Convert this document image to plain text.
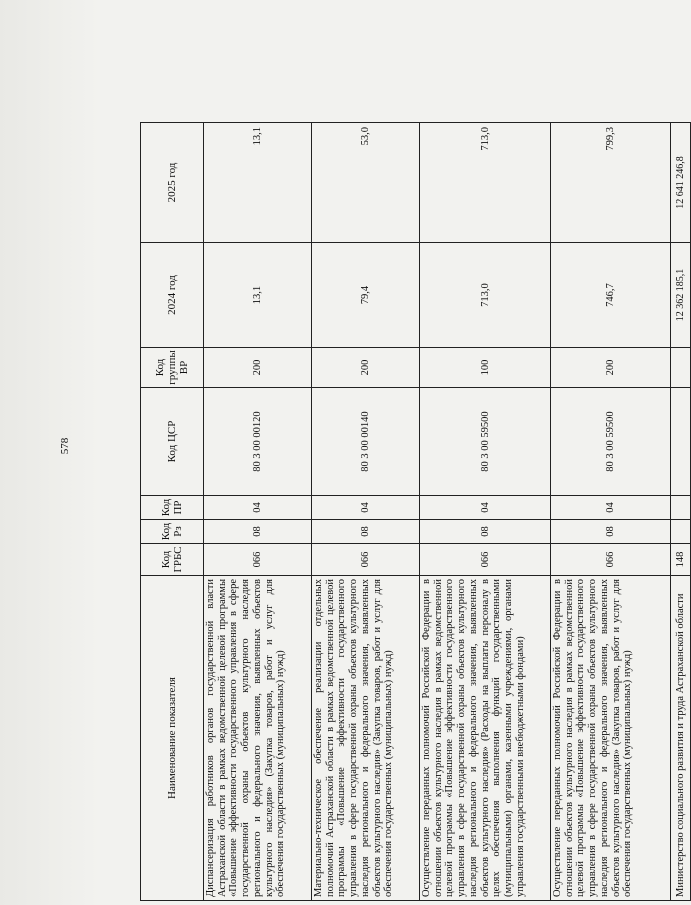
578
Наименование показателя	Код ГРБС	Код Рз	Код ПР	Код ЦСР	Код группы ВР	2024 год	2025 год
Диспансеризация работников органов государственной власти Астраханской области в рамках ведомственной целевой программы «Повышение эффективности государственного управления в сфере государственной охраны объектов культурного наследия регионального и федерального значения, выявленных объектов культурного наследия» (Закупка товаров, работ и услуг для обеспечения государственных (муниципальных) нужд)	066	08	04	80 3 00 00120	200	13,1	13,1
Материально-техническое обеспечение реализации отдельных полномочий Астраханской области в рамках ведомственной целевой программы «Повышение эффективности государственного управления в сфере государственной охраны объектов культурного наследия регионального и федерального значения, выявленных объектов культурного наследия» (Закупка товаров, работ и услуг для обеспечения государственных (муниципальных) нужд)	066	08	04	80 3 00 00140	200	79,4	53,0
Осуществление переданных полномочий Российской Федерации в отношении объектов культурного наследия в рамках ведомственной целевой программы «Повышение эффективности государственного управления в сфере государственной охраны объектов культурного наследия регионального и федерального значения, выявленных объектов культурного наследия» (Расходы на выплаты персоналу в целях обеспечения выполнения функций государственными (муниципальными) органами, казенными учреждениями, органами управления государственными внебюджетными фондами)	066	08	04	80 3 00 59500	100	713,0	713,0
Осуществление переданных полномочий Российской Федерации в отношении объектов культурного наследия в рамках ведомственной целевой программы «Повышение эффективности государственного управления в сфере государственной охраны объектов культурного наследия регионального и федерального значения, выявленных объектов культурного наследия» (Закупка товаров, работ и услуг для обеспечения государственных (муниципальных) нужд)	066	08	04	80 3 00 59500	200	746,7	799,3
Министерство социального развития и труда Астраханской области	148					12 362 185,1	12 641 246,8
